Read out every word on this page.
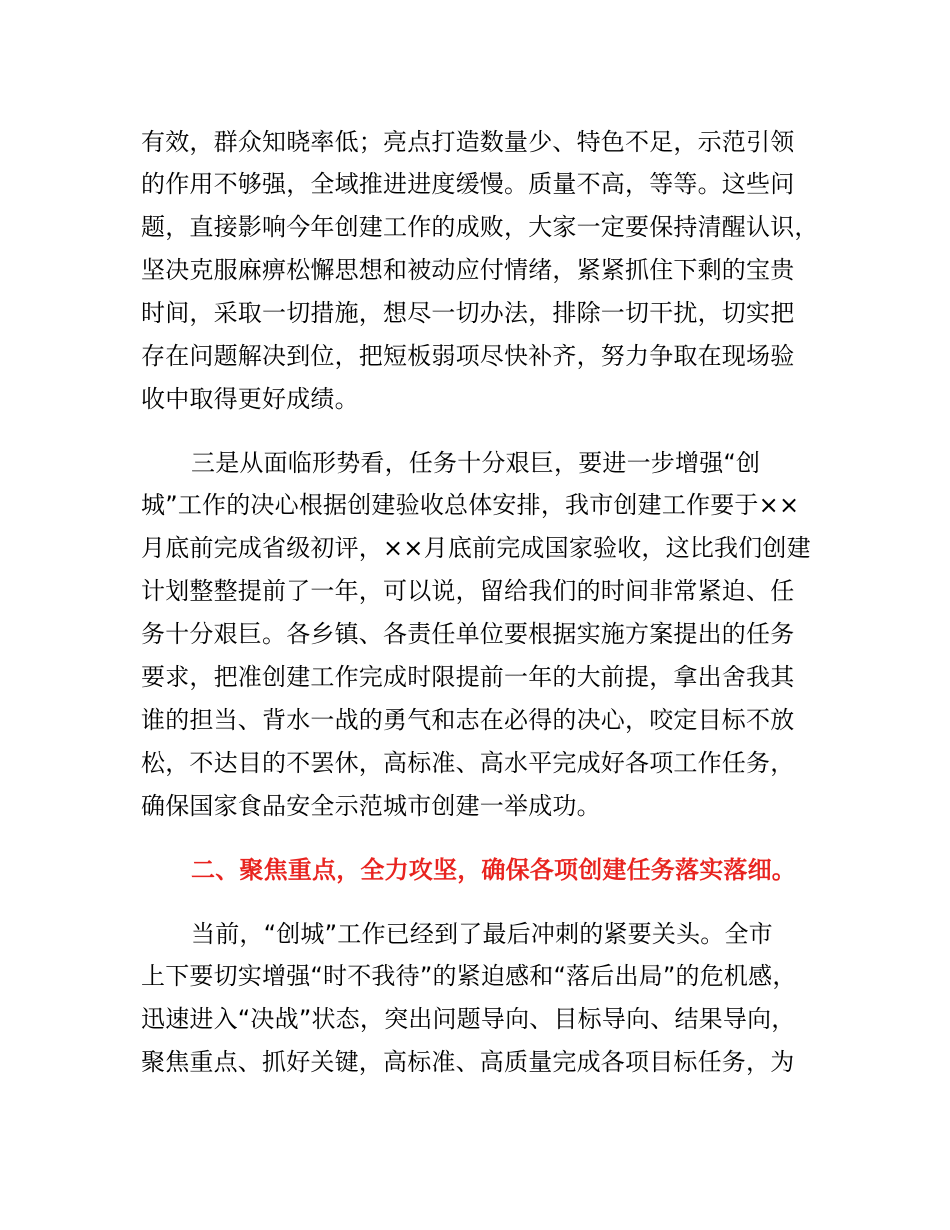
有效，群众知晓率低；亮点打造数量少、特色不足，示范引领
的作用不够强，全域推进进度缓慢。质量不高，等等。这些问
题，直接影响今年创建工作的成败，大家一定要保持清醒认识，
坚决克服麻痹松懈思想和被动应付情绪，紧紧抓住下剩的宝贵
时间，采取一切措施，想尽一切办法，排除一切干扰，切实把
存在问题解决到位，把短板弱项尽快补齐，努力争取在现场验
收中取得更好成绩。
三是从面临形势看，任务十分艰巨，要进一步增强“创
城”工作的决心根据创建验收总体安排，我市创建工作要于××
月底前完成省级初评，××月底前完成国家验收，这比我们创建
计划整整提前了一年，可以说，留给我们的时间非常紧迫、任
务十分艰巨。各乡镇、各责任单位要根据实施方案提出的任务
要求，把准创建工作完成时限提前一年的大前提，拿出舍我其
谁的担当、背水一战的勇气和志在必得的决心，咬定目标不放
松，不达目的不罢休，高标准、高水平完成好各项工作任务，
确保国家食品安全示范城市创建一举成功。
二、聚焦重点，全力攻坚，确保各项创建任务落实落细。
当前，“创城”工作已经到了最后冲刺的紧要关头。全市
上下要切实增强“时不我待”的紧迫感和“落后出局”的危机感，
迅速进入“决战”状态，突出问题导向、目标导向、结果导向，
聚焦重点、抓好关键，高标准、高质量完成各项目标任务，为
